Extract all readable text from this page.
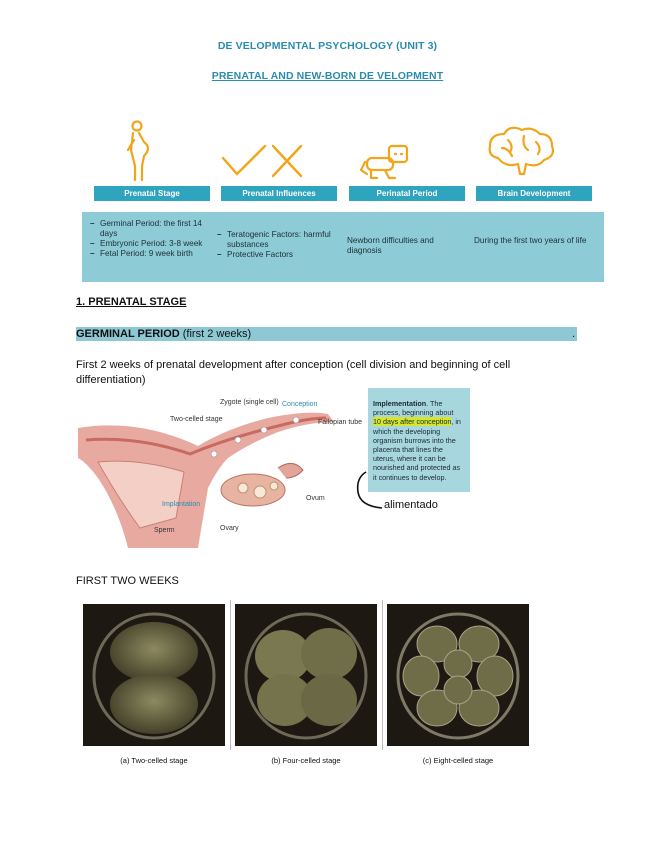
DE VELOPMENTAL PSYCHOLOGY (UNIT 3)
PRENATAL AND NEW-BORN DE VELOPMENT
Prenatal Stage
– Germinal Period: the first 14 days
– Embryonic Period: 3-8 week
– Fetal Period: 9 week birth
Prenatal Influences
– Teratogenic Factors: harmful substances
– Protective Factors
Perinatal Period
Newborn difficulties and diagnosis
Brain Development
During the first two years of life
1. PRENATAL STAGE
GERMINAL PERIOD (first 2 weeks)	.
First 2 weeks of prenatal development after conception (cell division and beginning of cell differentiation)
Two-celled stage
Zygote (single cell) Conception
Fallopian tube
Implantation
Ovum
Ovary
Sperm
Implementation. The process, beginning about 10 days after conception, in which the developing organism burrows into the placenta that lines the uterus, where it can be nourished and protected as it continues to develop.
alimentado
FIRST TWO WEEKS
(a) Two-celled stage	(b) Four-celled stage	(c) Eight-celled stage
